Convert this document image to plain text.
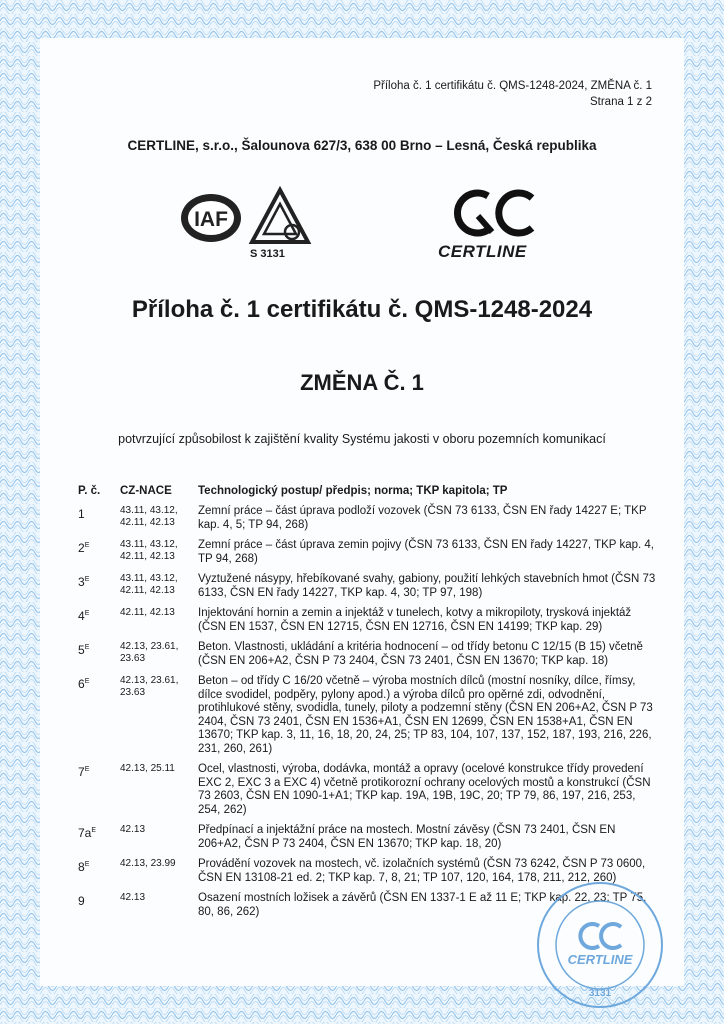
Příloha č. 1 certifikátu č. QMS-1248-2024, ZMĚNA č. 1
Strana 1 z 2
CERTLINE, s.r.o., Šalounova 627/3, 638 00 Brno – Lesná, Česká republika
IAF
S 3131	CERTLINE
Příloha č. 1 certifikátu č. QMS-1248-2024
ZMĚNA Č. 1
potvrzující způsobilost k zajištění kvality Systému jakosti v oboru pozemních komunikací
P. č.	CZ-NACE	Technologický postup/ předpis; norma; TKP kapitola; TP
1	43.11, 43.12, 42.11, 42.13	Zemní práce – část úprava podloží vozovek (ČSN 73 6133, ČSN EN řady 14227 E; TKP kap. 4, 5; TP 94, 268)
$2^E$	43.11, 43.12, 42.11, 42.13	Zemní práce – část úprava zemin pojivy (ČSN 73 6133, ČSN EN řady 14227, TKP kap. 4, TP 94, 268)
$3^E$	43.11, 43.12, 42.11, 42.13	Vyztužené násypy, hřebíkované svahy, gabiony, použití lehkých stavebních hmot (ČSN 73 6133, ČSN EN řady 14227, TKP kap. 4, 30; TP 97, 198)
$4^E$	42.11, 42.13	Injektování hornin a zemin a injektáž v tunelech, kotvy a mikropiloty, trysková injektáž (ČSN EN 1537, ČSN EN 12715, ČSN EN 12716, ČSN EN 14199; TKP kap. 29)
$5^E$	42.13, 23.61, 23.63	Beton. Vlastnosti, ukládání a kritéria hodnocení – od třídy betonu C 12/15 (B 15) včetně (ČSN EN 206+A2, ČSN P 73 2404, ČSN 73 2401, ČSN EN 13670; TKP kap. 18)
$6^E$	42.13, 23.61, 23.63	Beton – od třídy C 16/20 včetně – výroba mostních dílců (mostní nosníky, dílce, římsy, dílce svodidel, podpěry, pylony apod.) a výroba dílců pro opěrné zdi, odvodnění, protihlukové stěny, svodidla, tunely, piloty a podzemní stěny (ČSN EN 206+A2, ČSN P 73 2404, ČSN 73 2401, ČSN EN 1536+A1, ČSN EN 12699, ČSN EN 1538+A1, ČSN EN 13670; TKP kap. 3, 11, 16, 18, 20, 24, 25; TP 83, 104, 107, 137, 152, 187, 193, 216, 226, 231, 260, 261)
$7^E$	42.13, 25.11	Ocel, vlastnosti, výroba, dodávka, montáž a opravy (ocelové konstrukce třídy provedení EXC 2, EXC 3 a EXC 4) včetně protikorozní ochrany ocelových mostů a konstrukcí (ČSN 73 2603, ČSN EN 1090-1+A1; TKP kap. 19A, 19B, 19C, 20; TP 79, 86, 197, 216, 253, 254, 262)
$7a^E$	42.13	Předpínací a injektážní práce na mostech. Mostní závěsy (ČSN 73 2401, ČSN EN 206+A2, ČSN P 73 2404, ČSN EN 13670; TKP kap. 18, 20)
$8^E$	42.13, 23.99	Provádění vozovek na mostech, vč. izolačních systémů (ČSN 73 6242, ČSN P 73 0600, ČSN EN 13108-21 ed. 2; TKP kap. 7, 8, 21; TP 107, 120, 164, 178, 211, 212, 260)
9	42.13	Osazení mostních ložisek a závěrů (ČSN EN 1337-1 E až 11 E; TKP kap. 22, 23; TP 75, 80, 86, 262)
CERTLINE
3131
